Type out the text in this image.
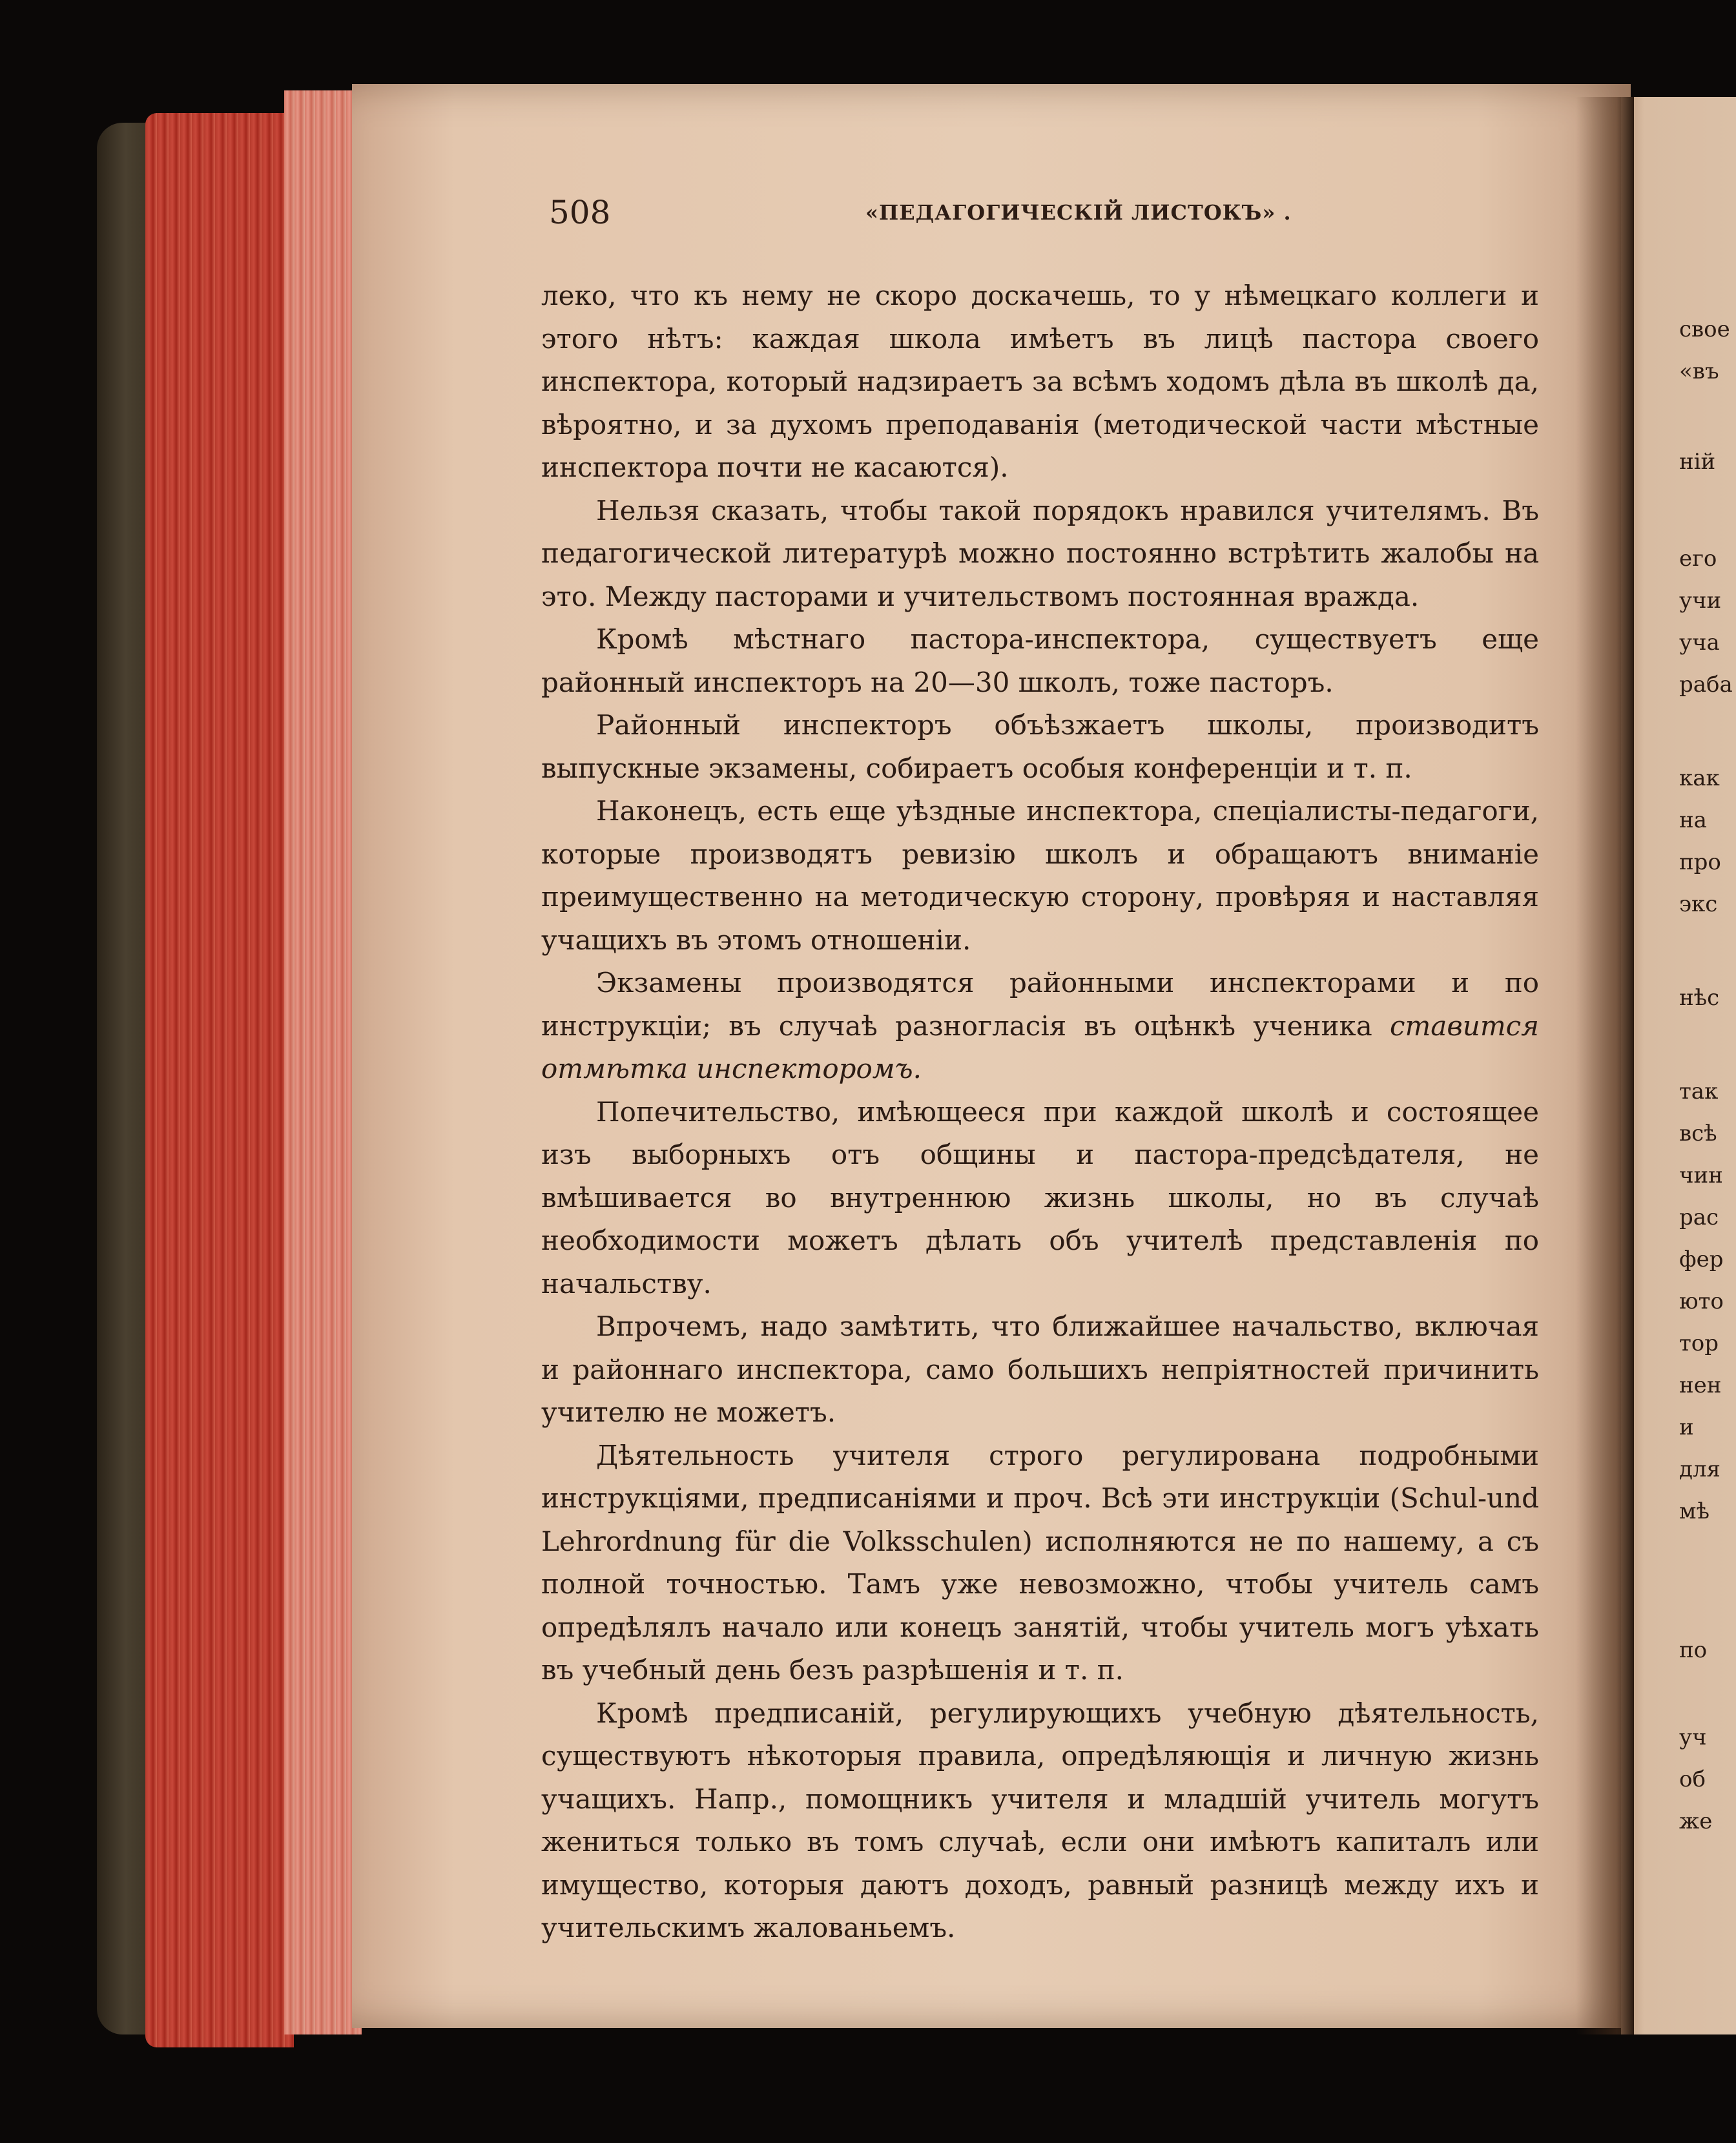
508	«ПЕДАГОГИЧЕСКІЙ ЛИСТОКЪ» .

леко, что къ нему не скоро доскачешь, то у нѣмецкаго коллеги и этого нѣтъ: каждая школа имѣетъ въ лицѣ пастора своего инспектора, который надзираетъ за всѣмъ ходомъ дѣла въ школѣ да, вѣроятно, и за духомъ преподаванія (методической части мѣстные инспектора почти не касаются).

Нельзя сказать, чтобы такой порядокъ нравился учителямъ. Въ педагогической литературѣ можно постоянно встрѣтить жалобы на это. Между пасторами и учительствомъ постоянная вражда.

Кромѣ мѣстнаго пастора-инспектора, существуетъ еще районный инспекторъ на 20—30 школъ, тоже пасторъ.

Районный инспекторъ объѣзжаетъ школы, производитъ выпускные экзамены, собираетъ особыя конференціи и т. п.

Наконецъ, есть еще уѣздные инспектора, спеціалисты-педагоги, которые производятъ ревизію школъ и обращаютъ вниманіе преимущественно на методическую сторону, провѣряя и наставляя учащихъ въ этомъ отношеніи.

Экзамены производятся районными инспекторами и по инструкціи; въ случаѣ разногласія въ оцѣнкѣ ученика ставится отмѣтка инспекторомъ.

Попечительство, имѣющееся при каждой школѣ и состоящее изъ выборныхъ отъ общины и пастора-предсѣдателя, не вмѣшивается во внутреннюю жизнь школы, но въ случаѣ необходимости можетъ дѣлать объ учителѣ представленія по начальству.

Впрочемъ, надо замѣтить, что ближайшее начальство, включая и районнаго инспектора, само большихъ непріятностей причинить учителю не можетъ.

Дѣятельность учителя строго регулирована подробными инструкціями, предписаніями и проч. Всѣ эти инструкціи (Schul-und Lehrordnung für die Volksschulen) исполняются не по нашему, а съ полной точностью. Тамъ уже невозможно, чтобы учитель самъ опредѣлялъ начало или конецъ занятій, чтобы учитель могъ уѣхать въ учебный день безъ разрѣшенія и т. п.

Кромѣ предписаній, регулирующихъ учебную дѣятельность, существуютъ нѣкоторыя правила, опредѣляющія и личную жизнь учащихъ. Напр., помощникъ учителя и младшій учитель могутъ жениться только въ томъ случаѣ, если они имѣютъ капиталъ или имущество, которыя даютъ доходъ, равный разницѣ между ихъ и учительскимъ жалованьемъ.

свое
«въ
ній
его
учи
уча
раба
как
на
про
экс
нѣс
так
всѣ
чин
рас
фер
юто
тор
нен
и
для
мѣ
по
уч
об
же
